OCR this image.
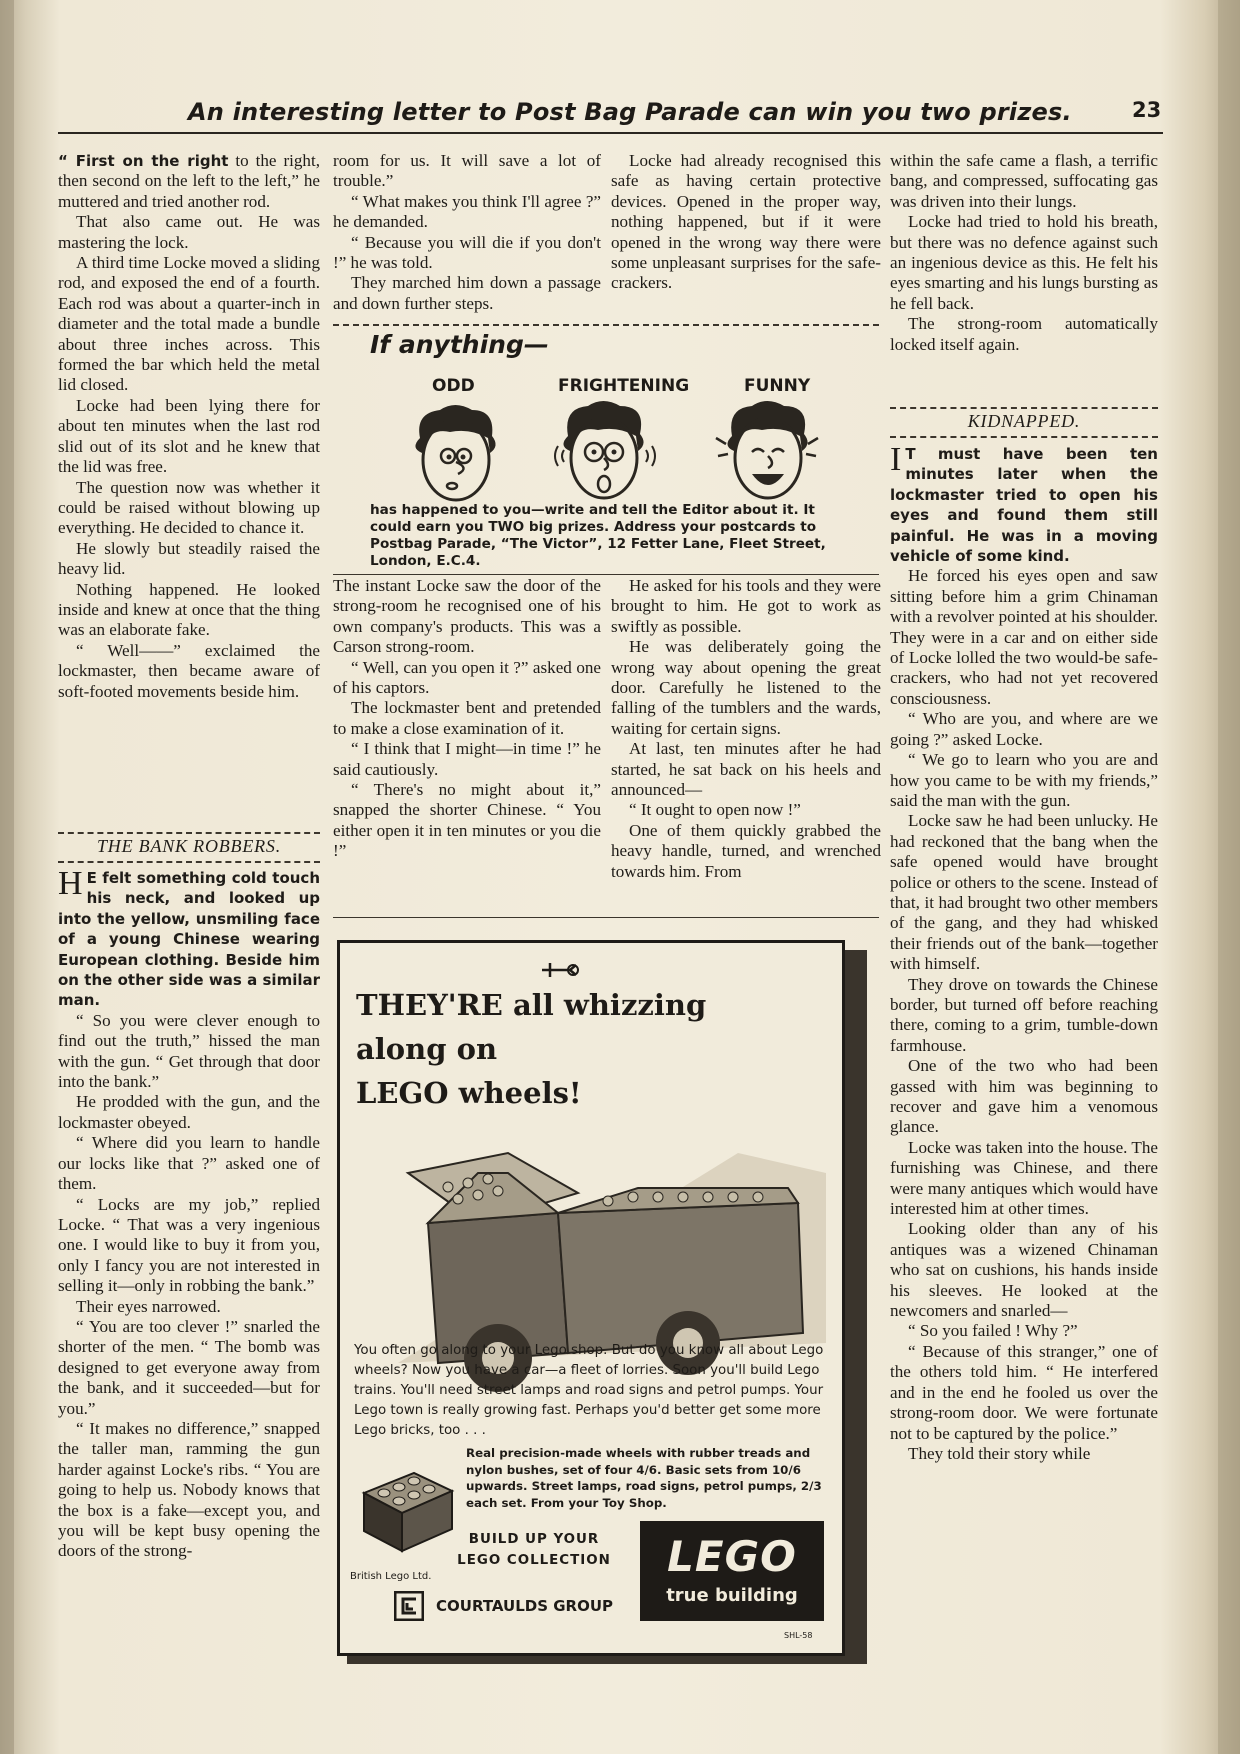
An interesting letter to Post Bag Parade can win you two prizes.	23

“ First on the right to the right, then second on the left to the left,” he muttered and tried another rod.

That also came out. He was mastering the lock.

A third time Locke moved a sliding rod, and exposed the end of a fourth. Each rod was about a quarter-inch in diameter and the total made a bundle about three inches across. This formed the bar which held the metal lid closed.

Locke had been lying there for about ten minutes when the last rod slid out of its slot and he knew that the lid was free.

The question now was whether it could be raised without blowing up everything. He decided to chance it.

He slowly but steadily raised the heavy lid.

Nothing happened. He looked inside and knew at once that the thing was an elaborate fake.

“ Well——” exclaimed the lockmaster, then became aware of soft-footed movements beside him.

THE BANK ROBBERS.

H E felt something cold touch his neck, and looked up into the yellow, unsmiling face of a young Chinese wearing European clothing. Beside him on the other side was a similar man.

“ So you were clever enough to find out the truth,” hissed the man with the gun. “ Get through that door into the bank.”

He prodded with the gun, and the lockmaster obeyed.

“ Where did you learn to handle our locks like that ?” asked one of them.

“ Locks are my job,” replied Locke. “ That was a very ingenious one. I would like to buy it from you, only I fancy you are not interested in selling it—only in robbing the bank.”

Their eyes narrowed.

“ You are too clever !” snarled the shorter of the men. “ The bomb was designed to get everyone away from the bank, and it succeeded—but for you.”

“ It makes no difference,” snapped the taller man, ramming the gun harder against Locke's ribs. “ You are going to help us. Nobody knows that the box is a fake—except you, and you will be kept busy opening the doors of the strong-

room for us. It will save a lot of trouble.”

“ What makes you think I'll agree ?” he demanded.

“ Because you will die if you don't !” he was told.

They marched him down a passage and down further steps.

Locke had already recognised this safe as having certain protective devices. Opened in the proper way, nothing happened, but if it were opened in the wrong way there were some unpleasant surprises for the safe-crackers.

If anything—
ODD	FRIGHTENING	FUNNY
has happened to you—write and tell the Editor about it. It could earn you TWO big prizes. Address your postcards to Postbag Parade, “The Victor”, 12 Fetter Lane, Fleet Street, London, E.C.4.

The instant Locke saw the door of the strong-room he recognised one of his own company's products. This was a Carson strong-room.

“ Well, can you open it ?” asked one of his captors.

The lockmaster bent and pretended to make a close examination of it.

“ I think that I might—in time !” he said cautiously.

“ There's no might about it,” snapped the shorter Chinese. “ You either open it in ten minutes or you die !”

He asked for his tools and they were brought to him. He got to work as swiftly as possible.

He was deliberately going the wrong way about opening the great door. Carefully he listened to the falling of the tumblers and the wards, waiting for certain signs.

At last, ten minutes after he had started, he sat back on his heels and announced—

“ It ought to open now !”

One of them quickly grabbed the heavy handle, turned, and wrenched towards him. From

within the safe came a flash, a terrific bang, and compressed, suffocating gas was driven into their lungs.

Locke had tried to hold his breath, but there was no defence against such an ingenious device as this. He felt his eyes smarting and his lungs bursting as he fell back.

The strong-room automatically locked itself again.

KIDNAPPED.

I T must have been ten minutes later when the lockmaster tried to open his eyes and found them still painful. He was in a moving vehicle of some kind.

He forced his eyes open and saw sitting before him a grim Chinaman with a revolver pointed at his shoulder. They were in a car and on either side of Locke lolled the two would-be safe-crackers, who had not yet recovered consciousness.

“ Who are you, and where are we going ?” asked Locke.

“ We go to learn who you are and how you came to be with my friends,” said the man with the gun.

Locke saw he had been unlucky. He had reckoned that the bang when the safe opened would have brought police or others to the scene. Instead of that, it had brought two other members of the gang, and they had whisked their friends out of the bank—together with himself.

They drove on towards the Chinese border, but turned off before reaching there, coming to a grim, tumble-down farmhouse.

One of the two who had been gassed with him was beginning to recover and gave him a venomous glance.

Locke was taken into the house. The furnishing was Chinese, and there were many antiques which would have interested him at other times.

Looking older than any of his antiques was a wizened Chinaman who sat on cushions, his hands inside his sleeves. He looked at the newcomers and snarled—

“ So you failed ! Why ?”

“ Because of this stranger,” one of the others told him. “ He interfered and in the end he fooled us over the strong-room door. We were fortunate not to be captured by the police.”

They told their story while

THEY'RE all whizzing
along on
LEGO wheels!
You often go along to your Lego shop. But do you know all about Lego wheels? Now you have a car—a fleet of lorries. Soon you'll build Lego trains. You'll need street lamps and road signs and petrol pumps. Your Lego town is really growing fast. Perhaps you'd better get some more Lego bricks, too . . .
Real precision-made wheels with rubber treads and nylon bushes, set of four 4/6. Basic sets from 10/6 upwards. Street lamps, road signs, petrol pumps, 2/3 each set. From your Toy Shop.
BUILD UP YOUR
LEGO COLLECTION
British Lego Ltd.
COURTAULDS GROUP
LEGO
true building
SHL-58
